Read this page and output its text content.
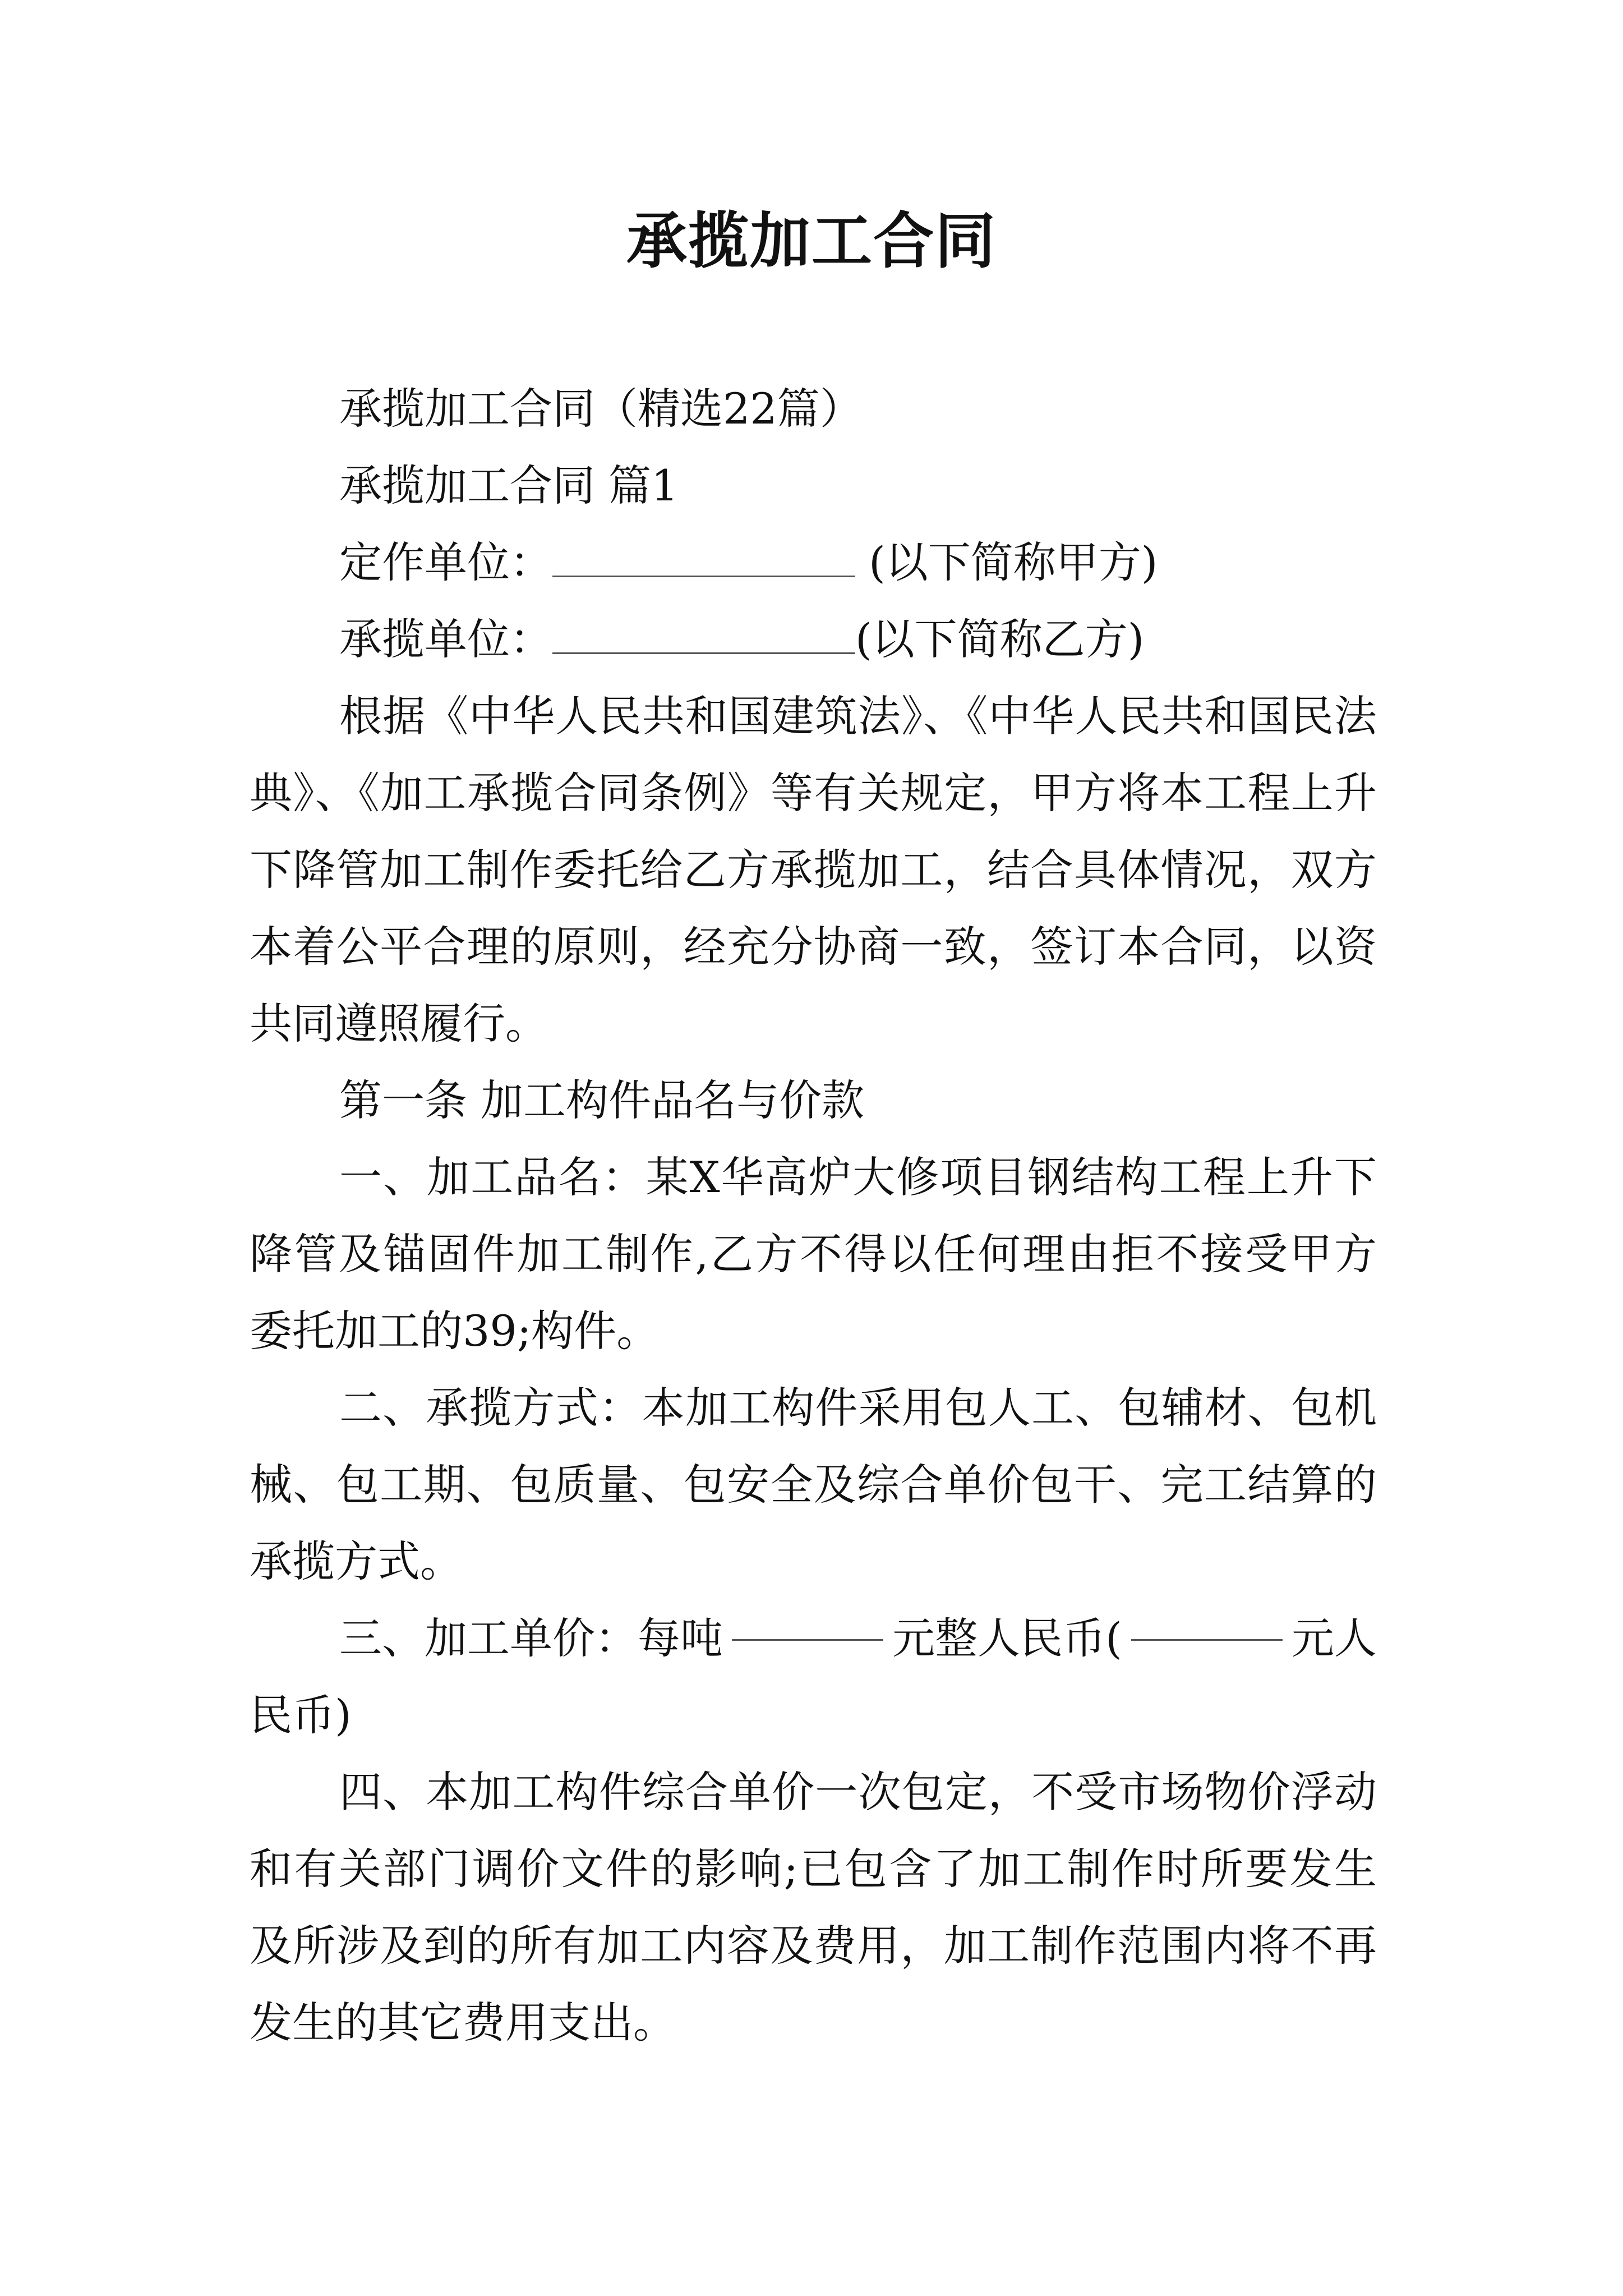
承揽加工合同
承揽加工合同（精选22篇）
承揽加工合同 篇1
定作单位：	(以下简称甲方)
承揽单位：	(以下简称乙方)
根据《中华人民共和国建筑法》、《中华人民共和国民法
典》、《加工承揽合同条例》等有关规定，甲方将本工程上升
下降管加工制作委托给乙方承揽加工，结合具体情况，双方
本着公平合理的原则，经充分协商一致，签订本合同，以资
共同遵照履行。
第一条 加工构件品名与价款
一、加工品名：某X华高炉大修项目钢结构工程上升下
降管及锚固件加工制作,乙方不得以任何理由拒不接受甲方
委托加工的39;构件。
二、承揽方式：本加工构件采用包人工、包辅材、包机
械、包工期、包质量、包安全及综合单价包干、完工结算的
承揽方式。
三、加工单价：每吨	元整人民币(	元人
民币)
四、本加工构件综合单价一次包定，不受市场物价浮动
和有关部门调价文件的影响;已包含了加工制作时所要发生
及所涉及到的所有加工内容及费用，加工制作范围内将不再
发生的其它费用支出。
